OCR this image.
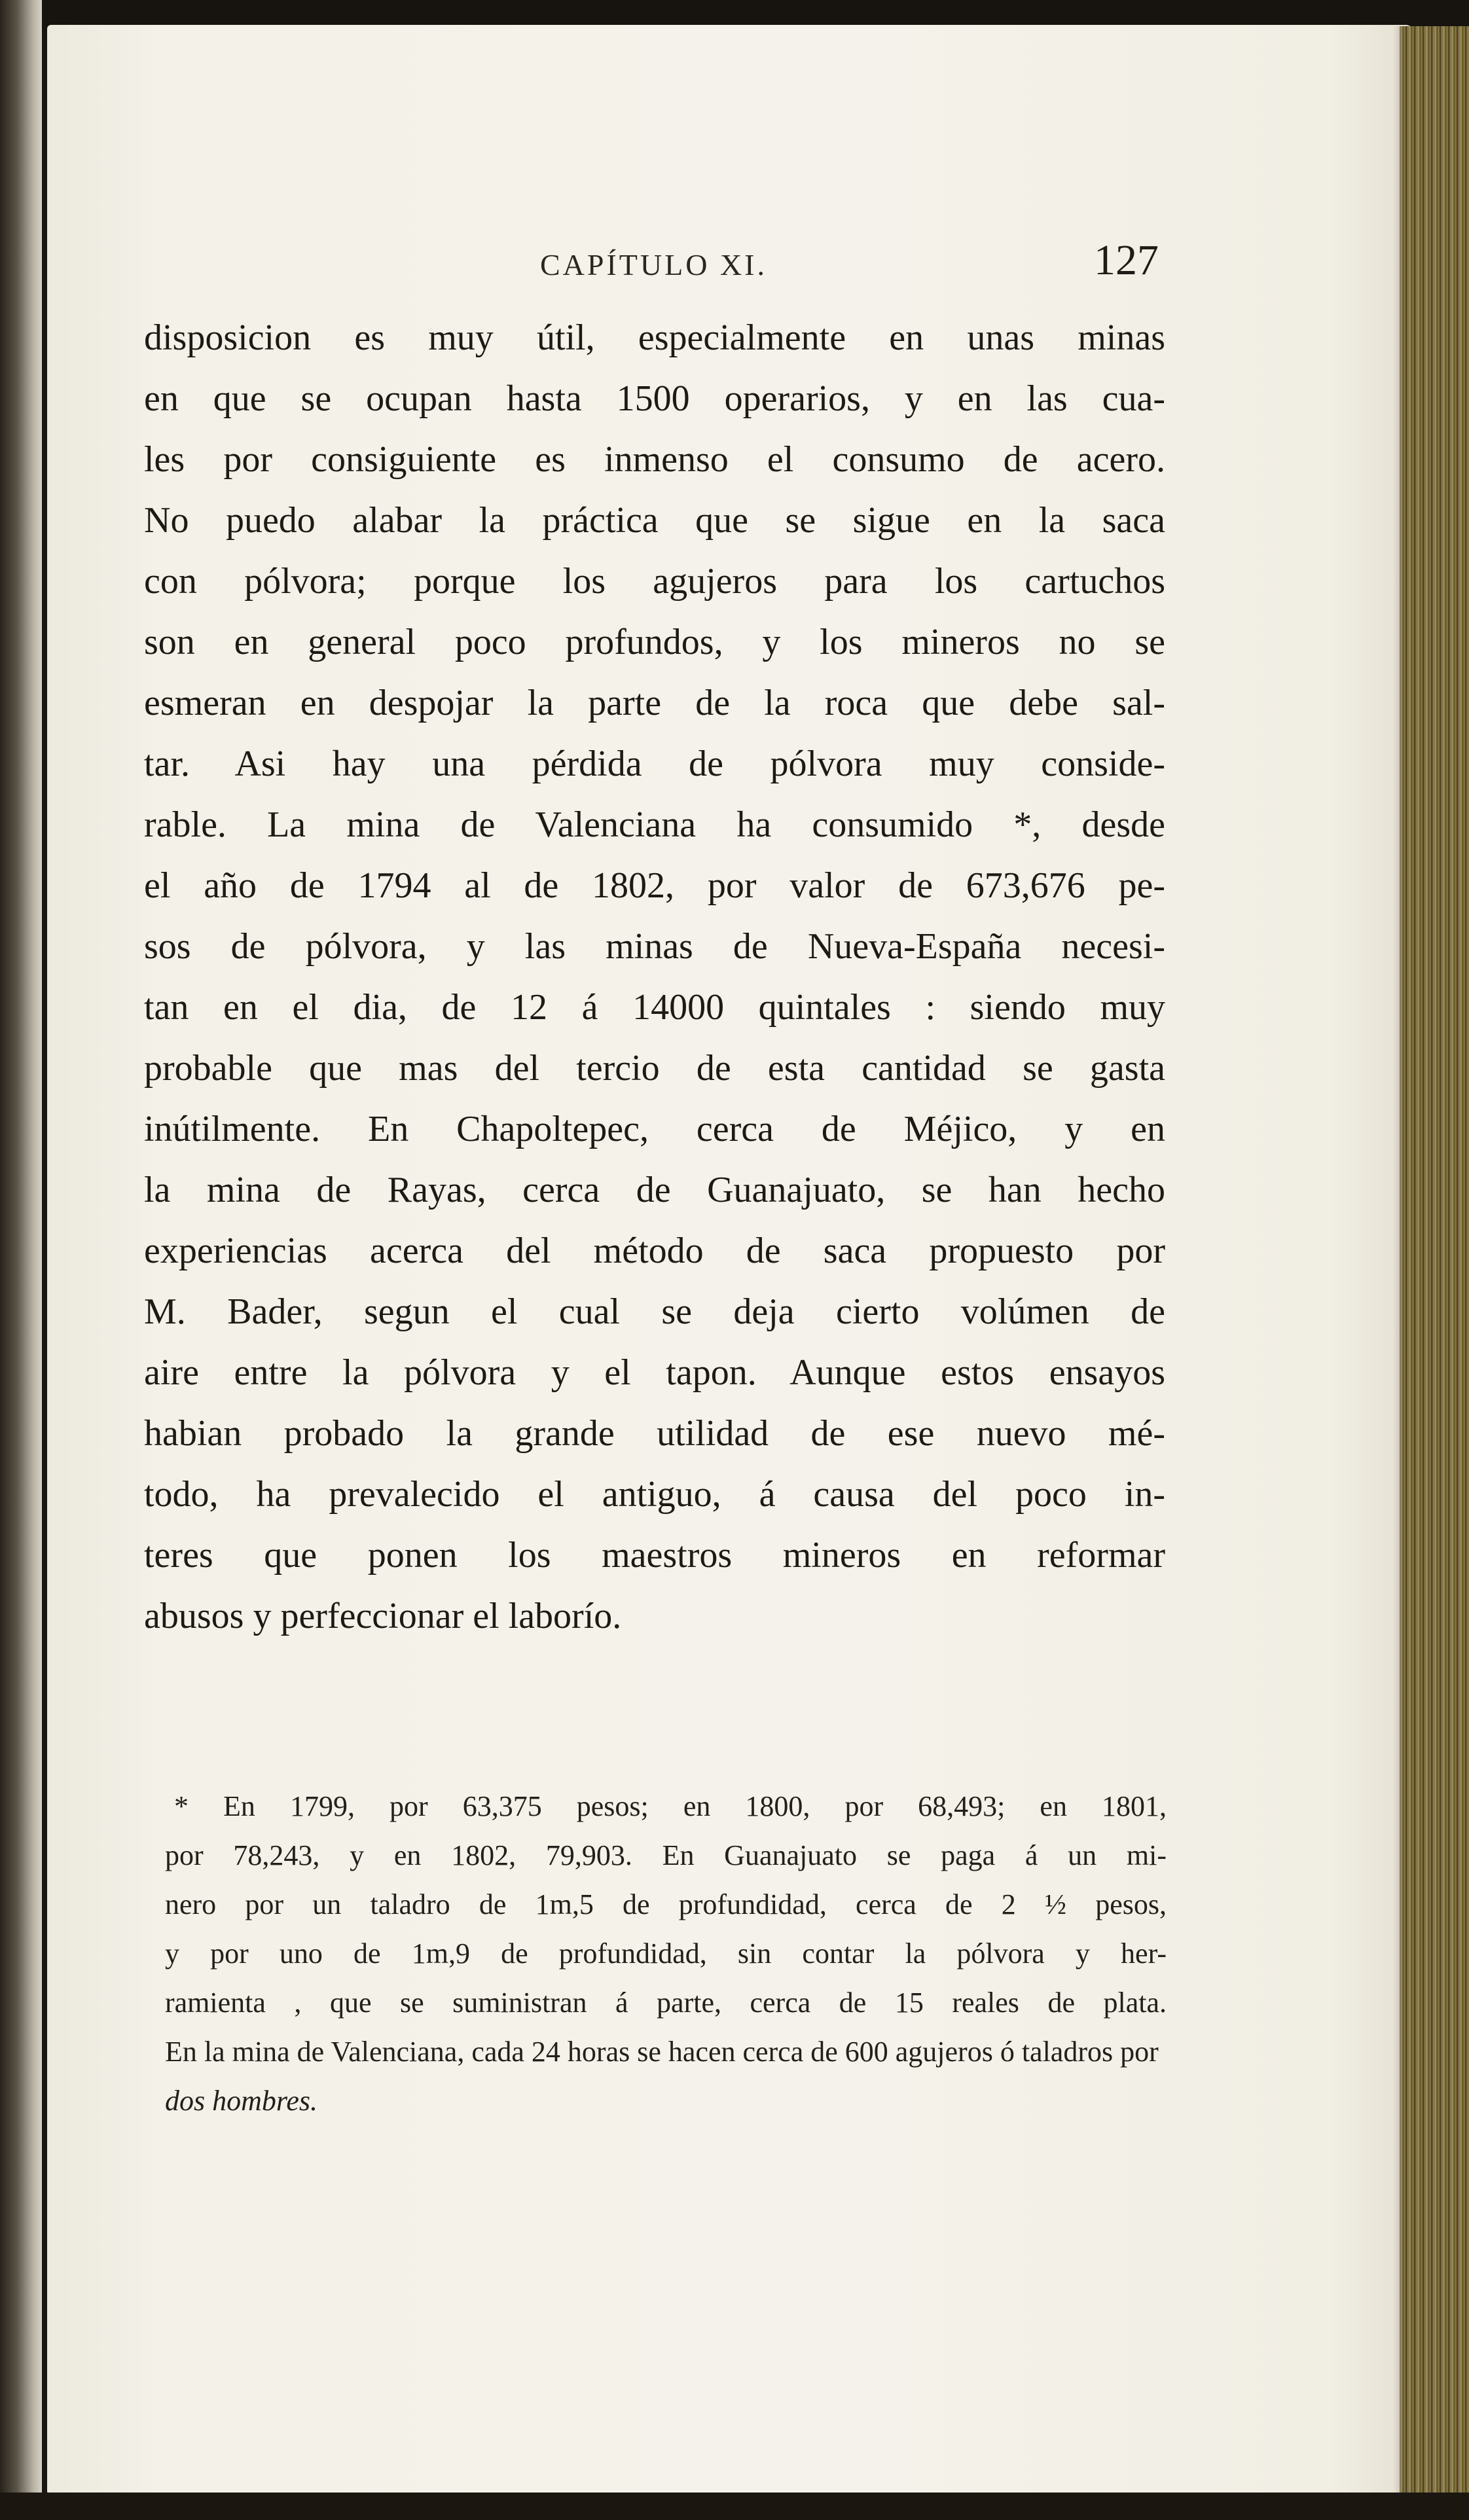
CAPÍTULO XI.	127
disposicion es muy útil, especialmente en unas minas
en que se ocupan hasta 1500 operarios, y en las cua-
les por consiguiente es inmenso el consumo de acero.
No puedo alabar la práctica que se sigue en la saca
con pólvora; porque los agujeros para los cartuchos
son en general poco profundos, y los mineros no se
esmeran en despojar la parte de la roca que debe sal-
tar. Asi hay una pérdida de pólvora muy conside-
rable. La mina de Valenciana ha consumido *, desde
el año de 1794 al de 1802, por valor de 673,676 pe-
sos de pólvora, y las minas de Nueva-España necesi-
tan en el dia, de 12 á 14000 quintales : siendo muy
probable que mas del tercio de esta cantidad se gasta
inútilmente. En Chapoltepec, cerca de Méjico, y en
la mina de Rayas, cerca de Guanajuato, se han hecho
experiencias acerca del método de saca propuesto por
M. Bader, segun el cual se deja cierto volúmen de
aire entre la pólvora y el tapon. Aunque estos ensayos
habian probado la grande utilidad de ese nuevo mé-
todo, ha prevalecido el antiguo, á causa del poco in-
teres que ponen los maestros mineros en reformar
abusos y perfeccionar el laborío.
* En 1799, por 63,375 pesos; en 1800, por 68,493; en 1801,
por 78,243, y en 1802, 79,903. En Guanajuato se paga á un mi-
nero por un taladro de 1m,5 de profundidad, cerca de 2 ½ pesos,
y por uno de 1m,9 de profundidad, sin contar la pólvora y her-
ramienta , que se suministran á parte, cerca de 15 reales de plata.
En la mina de Valenciana, cada 24 horas se hacen cerca de 600 agujeros ó taladros por dos hombres.
